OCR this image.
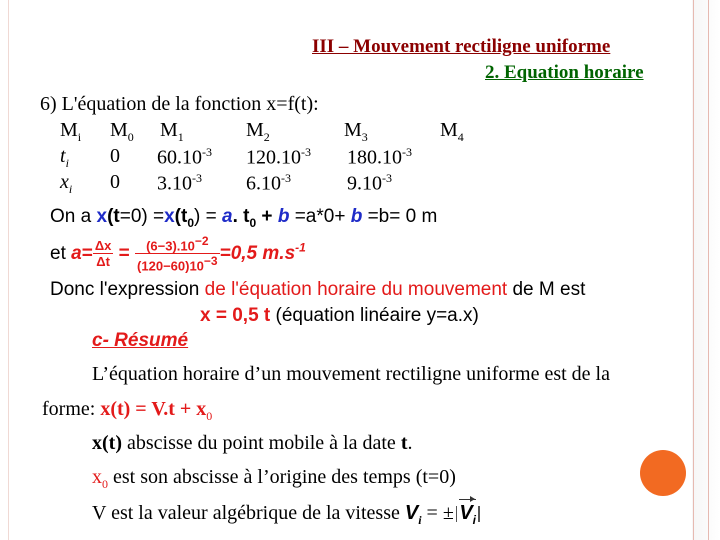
III – Mouvement rectiligne uniforme
2. Equation horaire
6) L'équation de la fonction x=f(t):
$M_i$ $M_0$ $M_1$	$M_2$	$M_3$	$M_4$
$t_i$ 0 $60.10^{-3}$ $120.10^{-3}$ $180.10^{-3}$
$x_i$ 0 $3.10^{-3}$ $6.10^{-3}$	$9.10^{-3}$
On a $x(t=0) =x(t_0) = a$. $t_0 + b =a*0+ b =b= 0$ m
et $a= \frac{\Delta x}{\Delta t} = \frac{(6-3).10^{-2}}{(120-60)10^{-3}} =0,5$ $m.s^{-1}$
Donc l'expression de l'équation horaire du mouvement de M est
x = 0,5 t (équation linéaire y=a.x)
c- Résumé
L’équation horaire d’un mouvement rectiligne uniforme est de la
forme: $x(t) = V.t + x_0$
x(t) abscisse du point mobile à la date t.
$x_0$ est son abscisse à l’origine des temps (t=0)
V est la valeur algébrique de la vitesse $V_i$ = ± $V_i$
